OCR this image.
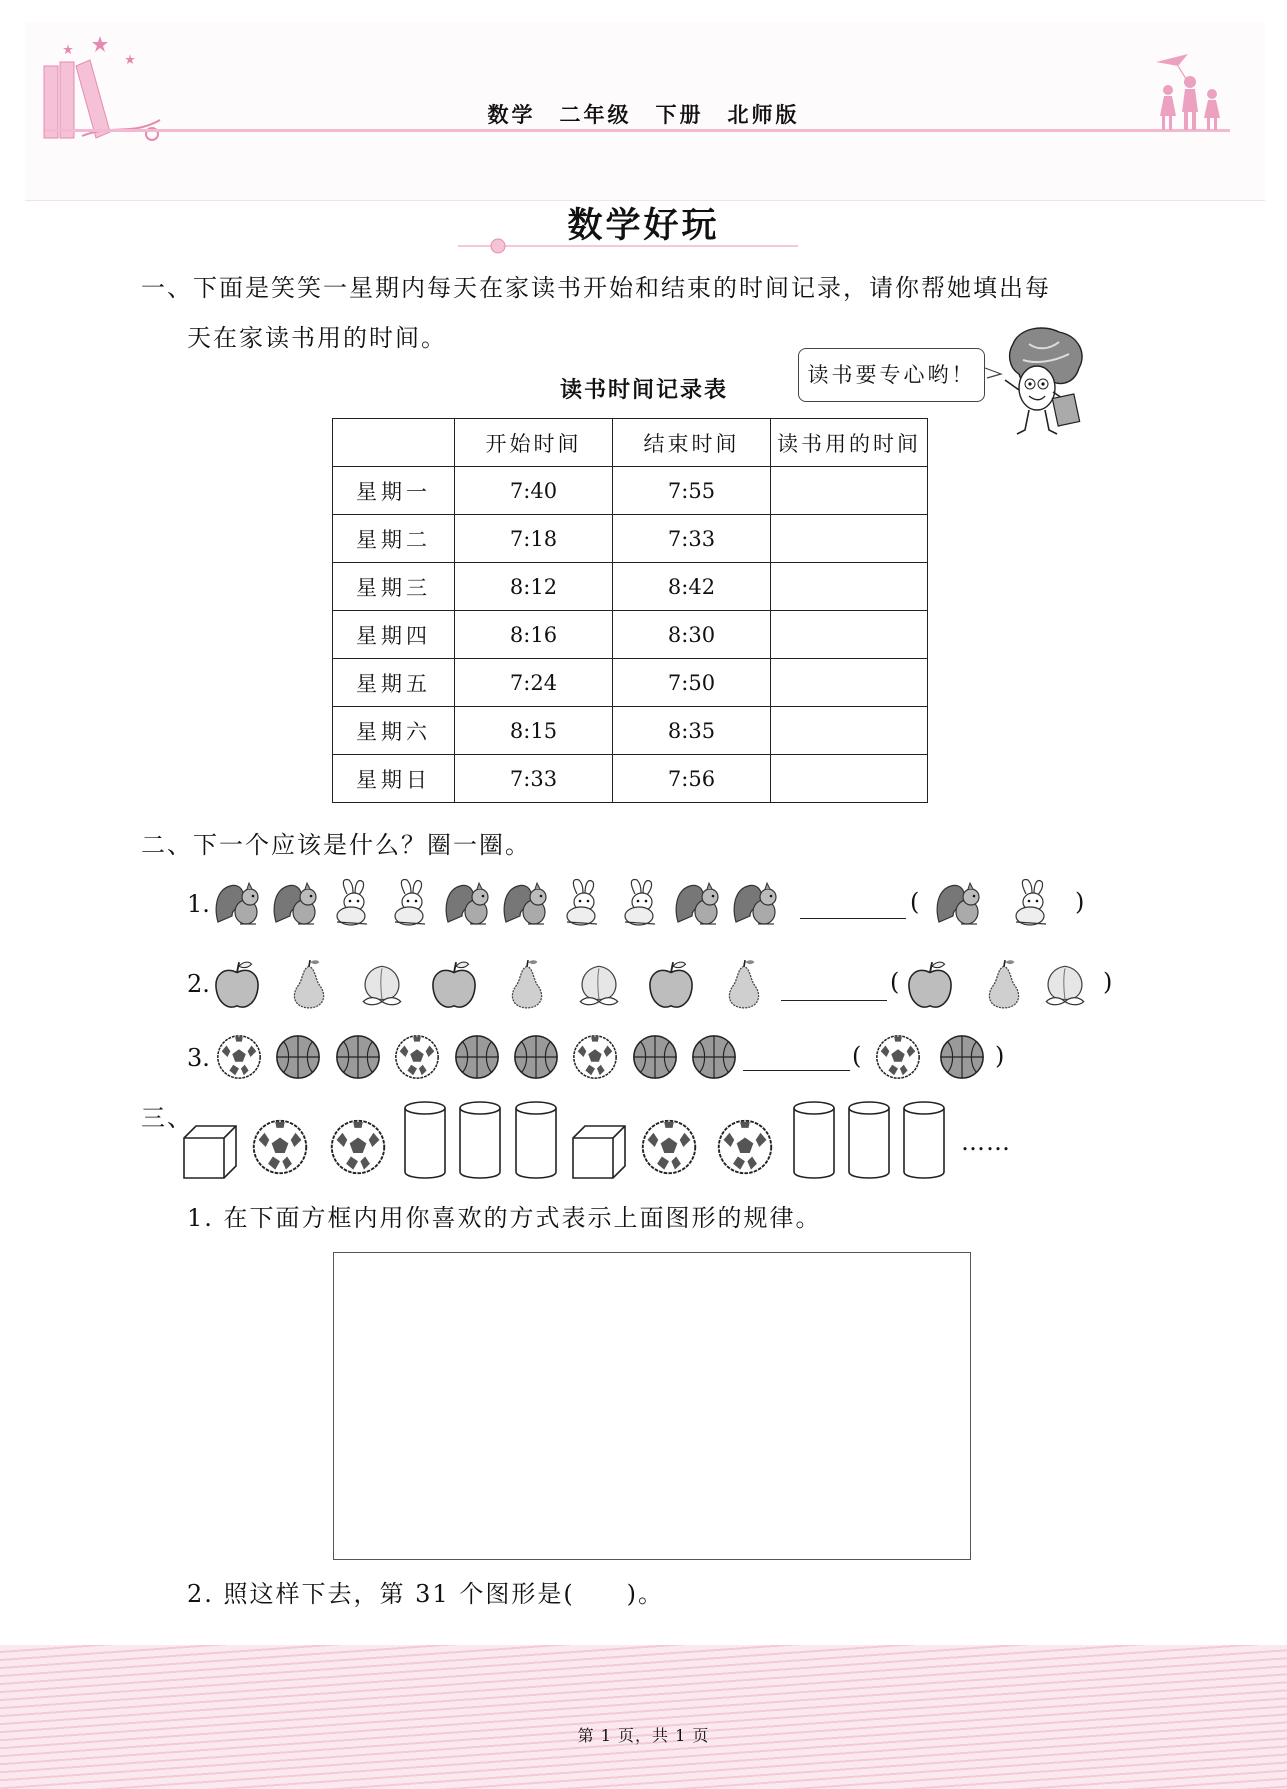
数学　二年级　下册　北师版
数学好玩
一、下面是笑笑一星期内每天在家读书开始和结束的时间记录，请你帮她填出每
天在家读书用的时间。
读书时间记录表
读书要专心哟！
	开始时间	结束时间	读书用的时间
星期一	7:40	7:55	
星期二	7:18	7:33	
星期三	8:12	8:42	
星期四	8:16	8:30	
星期五	7:24	7:50	
星期六	8:15	8:35	
星期日	7:33	7:56	
二、下一个应该是什么？圈一圈。
1.	(	)
2.	(	)
3.	(	)
三、
……
1. 在下面方框内用你喜欢的方式表示上面图形的规律。
2. 照这样下去，第 31 个图形是(　　)。
第 1 页，共 1 页
